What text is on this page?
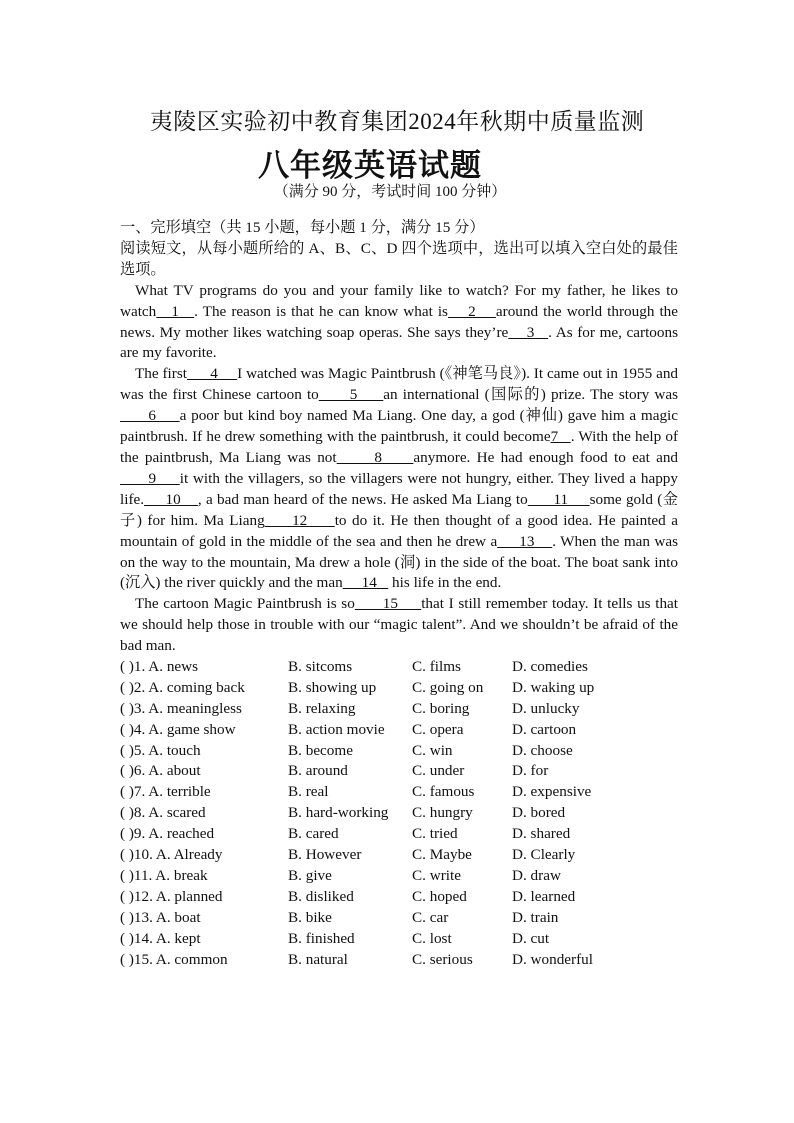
夷陵区实验初中教育集团2024年秋期中质量监测
八年级英语试题
（满分 90 分，考试时间 100 分钟）

一、完形填空（共 15 小题，每小题 1 分，满分 15 分）

阅读短文，从每小题所给的 A、B、C、D 四个选项中，选出可以填入空白处的最佳选项。

What TV programs do you and your family like to watch? For my father, he likes to watch   1   . The reason is that he can know what is    2    around the world through the news. My mother likes watching soap operas. She says they’re    3   . As for me, cartoons are my favorite.

The first      4     I watched was Magic Paintbrush (《神笔马良》). It came out in 1955 and was the first Chinese cartoon to      5     an international (国际的) prize. The story was      6     a poor but kind boy named Ma Liang. One day, a god (神仙) gave him a magic paintbrush. If he drew something with the paintbrush, it could become7   . With the help of the paintbrush, Ma Liang was not      8     anymore. He had enough food to eat and      9     it with the villagers, so the villagers were not hungry, either. They lived a happy life.     10    , a bad man heard of the news. He asked Ma Liang to      11     some gold (金子) for him. Ma Liang     12     to do it. He then thought of a good idea. He painted a mountain of gold in the middle of the sea and then he drew a     13    . When the man was on the way to the mountain, Ma drew a hole (洞) in the side of the boat. The boat sank into (沉入) the river quickly and the man     14    his life in the end.

The cartoon Magic Paintbrush is so      15     that I still remember today. It tells us that we should help those in trouble with our “magic talent”. And we shouldn’t be afraid of the bad man.

( )1. A. news	B. sitcoms	C. films	D. comedies
( )2. A. coming back	B. showing up C. going on D. waking up
( )3. A. meaningless	B. relaxing	C. boring	D. unlucky
( )4. A. game show	B. action movie C. opera	D. cartoon
( )5. A. touch	B. become	C. win	D. choose
( )6. A. about	B. around	C. under	D. for
( )7. A. terrible	B. real	C. famous D. expensive
( )8. A. scared	B. hard-working C. hungry	D. bored
( )9. A. reached	B. cared	C. tried	D. shared
( )10. A. Already	B. However	C. Maybe	D. Clearly
( )11. A. break	B. give	C. write	D. draw
( )12. A. planned	B. disliked	C. hoped	D. learned
( )13. A. boat	B. bike	C. car	D. train
( )14. A. kept	B. finished	C. lost	D. cut
( )15. A. common	B. natural	C. serious	D. wonderful
